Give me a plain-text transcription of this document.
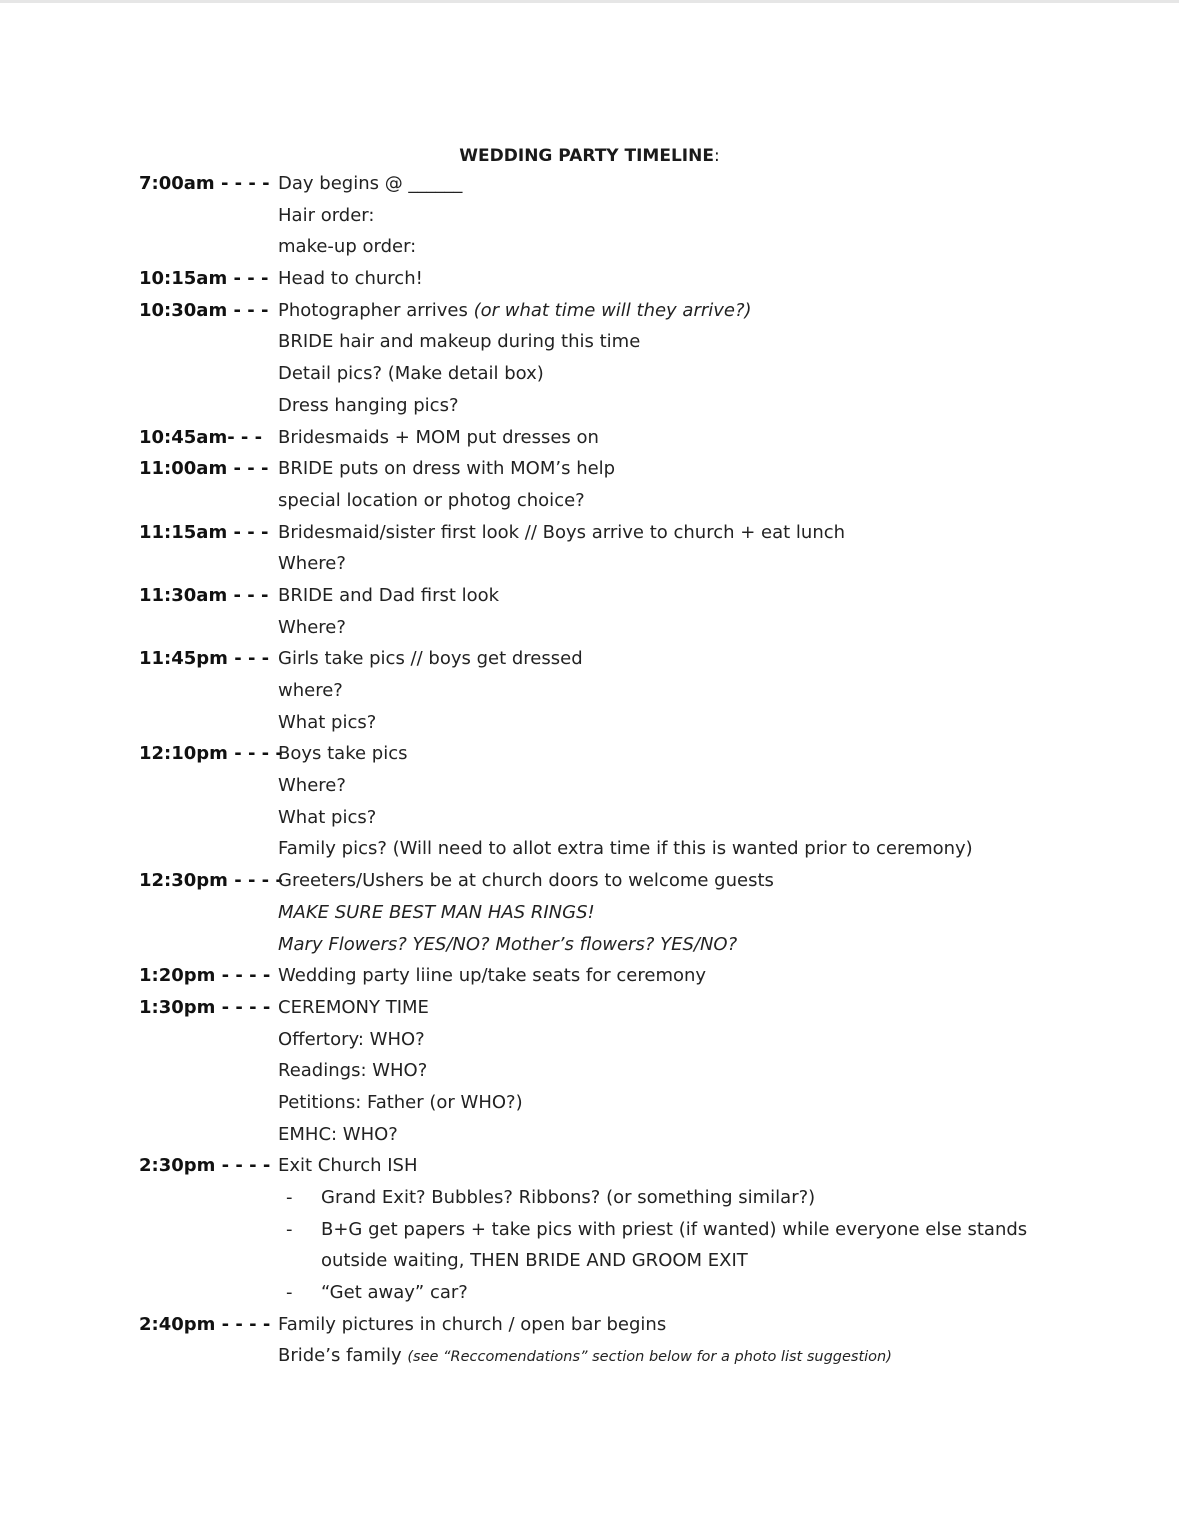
WEDDING PARTY TIMELINE:
7:00am - - - - Day begins @ ______
Hair order:
make-up order:
10:15am - - - Head to church!
10:30am - - - Photographer arrives (or what time will they arrive?)
BRIDE hair and makeup during this time
Detail pics? (Make detail box)
Dress hanging pics?
10:45am- - - Bridesmaids + MOM put dresses on
11:00am - - - BRIDE puts on dress with MOM’s help
special location or photog choice?
11:15am - - - Bridesmaid/sister first look // Boys arrive to church + eat lunch
Where?
11:30am - - - BRIDE and Dad first look
Where?
11:45pm - - - Girls take pics // boys get dressed
where?
What pics?
12:10pm - - - -
Boys take pics
Where?
What pics?
Family pics? (Will need to allot extra time if this is wanted prior to ceremony)
12:30pm - - - -
Greeters/Ushers be at church doors to welcome guests
MAKE SURE BEST MAN HAS RINGS!
Mary Flowers? YES/NO? Mother’s flowers? YES/NO?
1:20pm - - - - Wedding party liine up/take seats for ceremony
1:30pm - - - - CEREMONY TIME
Offertory: WHO?
Readings: WHO?
Petitions: Father (or WHO?)
EMHC: WHO?
2:30pm - - - - Exit Church ISH
- Grand Exit? Bubbles? Ribbons? (or something similar?)
- B+G get papers + take pics with priest (if wanted) while everyone else stands
outside waiting, THEN BRIDE AND GROOM EXIT
- “Get away” car?
2:40pm - - - - Family pictures in church / open bar begins
Bride’s family (see “Reccomendations” section below for a photo list suggestion)
